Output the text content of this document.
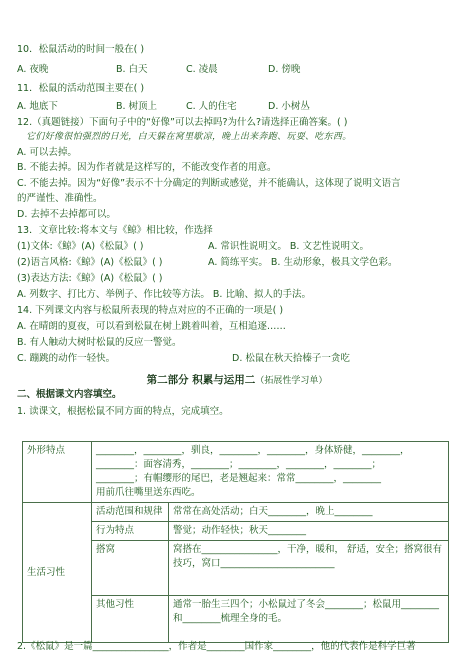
10．松鼠活动的时间一般在( )
A. 夜晚	B. 白天	C. 凌晨	D. 傍晚
11．松鼠的活动范围主要在( )
A. 地底下	B. 树顶上	C. 人的住宅	D. 小树丛
12.（真题链接）下面句子中的“好像”可以去掉吗?为什么?请选择正确答案。( )
它们好像很怕强烈的日光，白天躲在窝里歇凉，晚上出来奔跑、玩耍、吃东西。
A. 可以去掉。
B. 不能去掉。因为作者就是这样写的，不能改变作者的用意。
C. 不能去掉。因为“好像”表示不十分确定的判断或感觉，并不能确认，这体现了说明文语言
的严谨性、准确性。
D. 去掉不去掉都可以。
13．文章比较:将本文与《鲸》相比较，作选择
(1)文体:《鲸》(A)《松鼠》( )	A. 常识性说明文。 B. 文艺性说明文。
(2)语言风格:《鲸》(A)《松鼠》( )	A. 简练平实。 B. 生动形象，极具文学色彩。
(3)表达方法:《鲸》(A)《松鼠》( )
A. 列数字、打比方、举例子、作比较等方法。 B. 比喻、拟人的手法。
14. 下列课文内容与松鼠所表现的特点对应的不正确的一项是( )
A. 在晴朗的夏夜，可以看到松鼠在树上跳着叫着，互相追逐……
B. 有人触动大树时松鼠的反应一警觉。
C. 蹦跳的动作一轻快。	D. 松鼠在秋天拾榛子一贪吃
第二部分 积累与运用二（拓展性学习单）
二、根据课文内容填空。
1. 读课文，根据松鼠不同方面的特点，完成填空。
外形特点	________，________，驯良，________，________，身体矫健，________，
________：面容清秀，________；________，________，________；
________；有帽缨形的尾巴，老是翘起来：常常________，________
用前爪往嘴里送东西吃。	

生活习性	活动范围和规律	常常在高处活动；白天________，晚上________
	行为特点	警觉；动作轻快；秋天________
	搭窝	窝搭在________________，干净，暖和， 舒适，安全；搭窝很有技巧，窝口________________________
	其他习性	通常一胎生三四个；小松鼠过了冬会________；松鼠用________和________梳理全身的毛。
2.《松鼠》是一篇________________，作者是________国作家________，他的代表作是科学巨著
